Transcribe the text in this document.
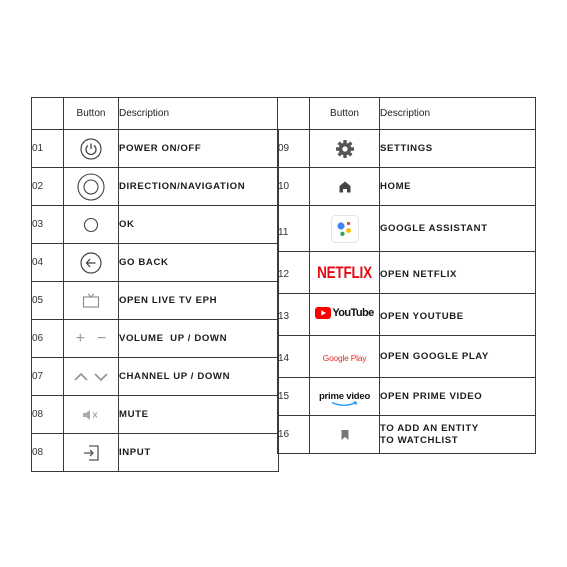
	Button	Description
01		POWER ON/OFF
02		DIRECTION/NAVIGATION
03		OK
04		GO BACK
05		OPEN LIVE TV EPH
06	+ −	VOLUME  UP / DOWN
07		CHANNEL UP / DOWN
08		MUTE
08		INPUT
	Button	Description
09		SETTINGS
10		HOME
11		GOOGLE ASSISTANT
12	NETFLIX	OPEN NETFLIX
13	YouTube	OPEN YOUTUBE
14	Google Play	OPEN GOOGLE PLAY
15	prime video	OPEN PRIME VIDEO
16		TO ADD AN ENTITY
TO WATCHLIST
